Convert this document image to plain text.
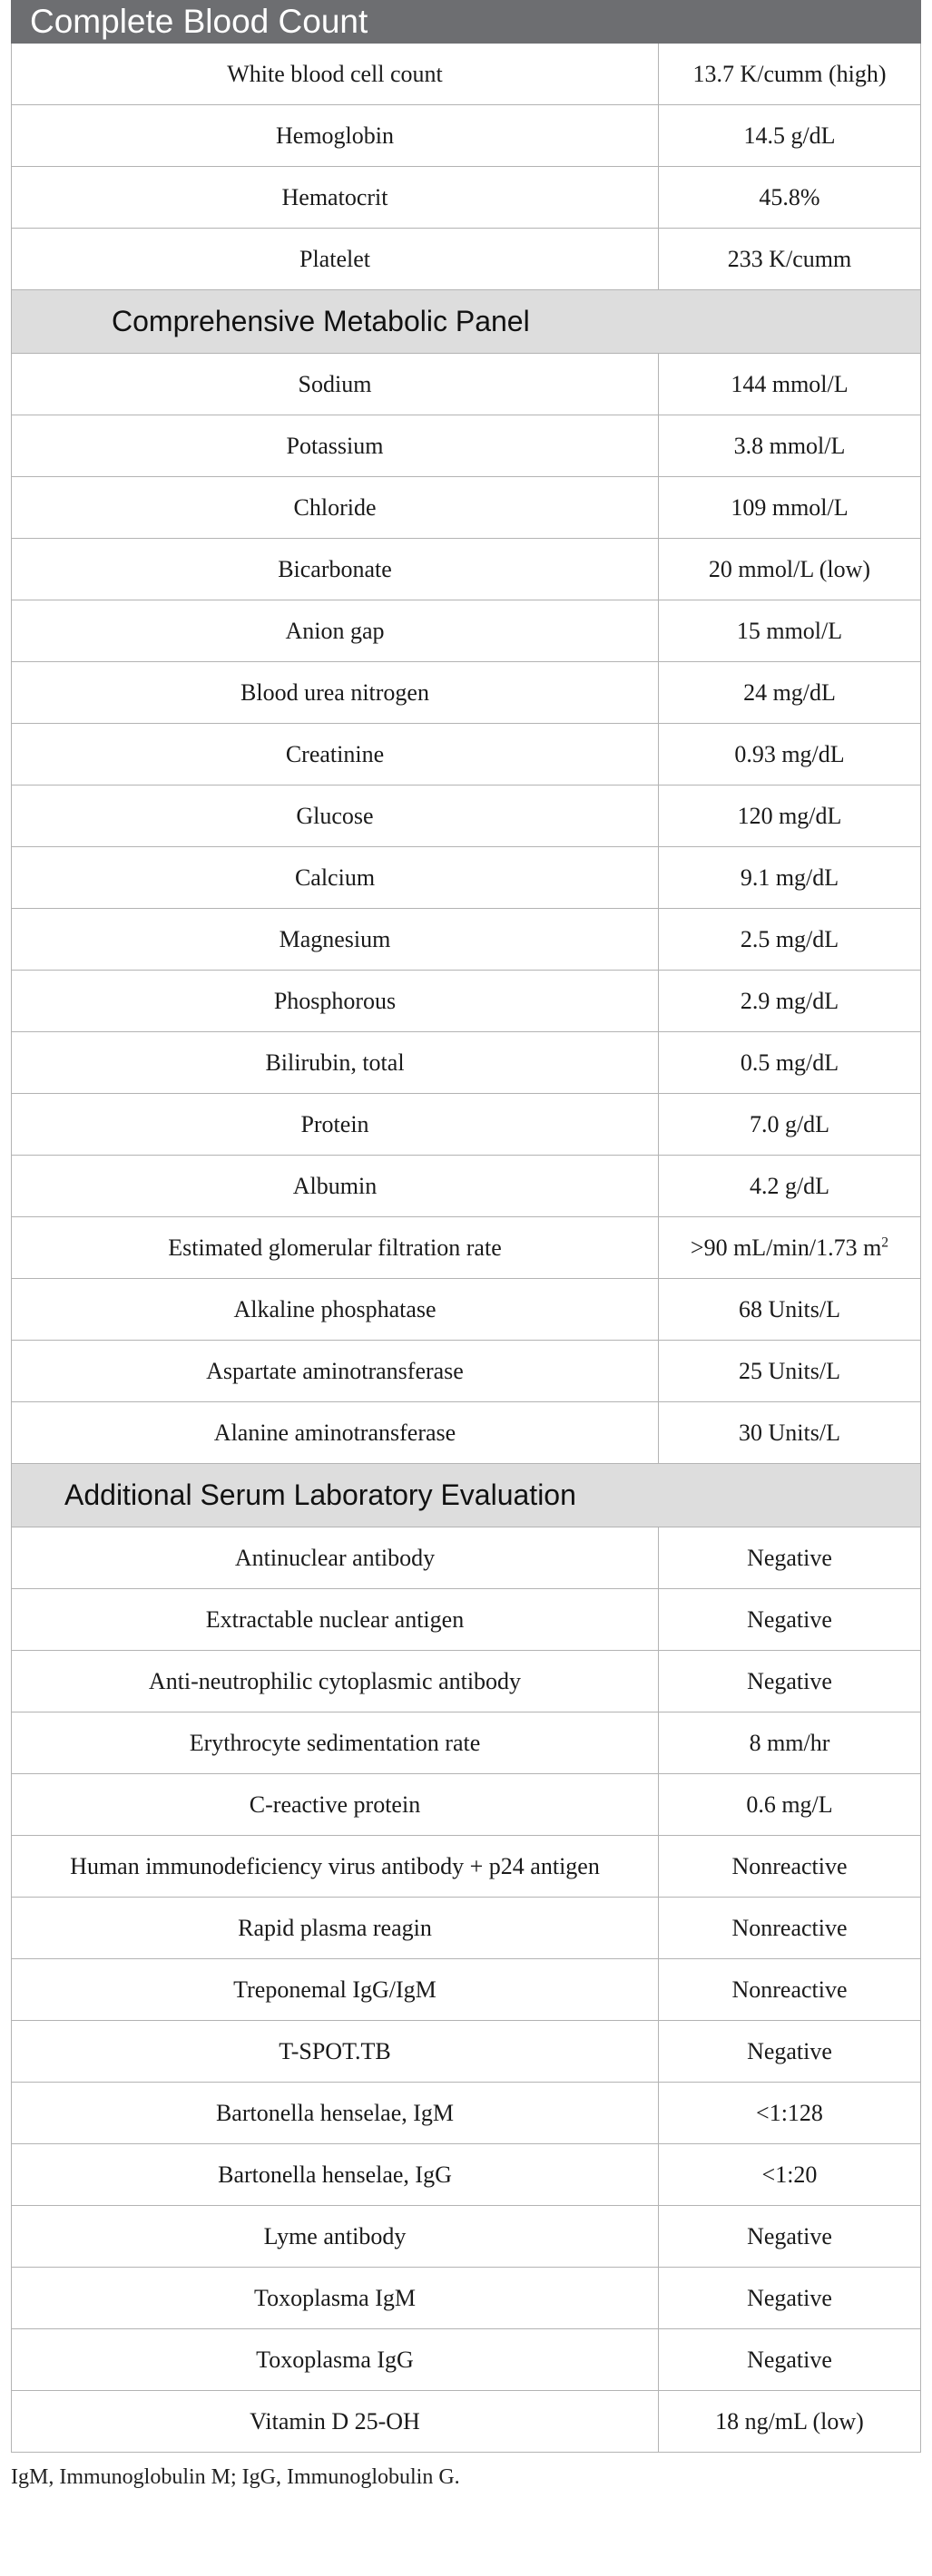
Complete Blood Count	
White blood cell count	13.7 K/cumm (high)
Hemoglobin	14.5 g/dL
Hematocrit	45.8%
Platelet	233 K/cumm
Comprehensive Metabolic Panel	
Sodium	144 mmol/L
Potassium	3.8 mmol/L
Chloride	109 mmol/L
Bicarbonate	20 mmol/L (low)
Anion gap	15 mmol/L
Blood urea nitrogen	24 mg/dL
Creatinine	0.93 mg/dL
Glucose	120 mg/dL
Calcium	9.1 mg/dL
Magnesium	2.5 mg/dL
Phosphorous	2.9 mg/dL
Bilirubin, total	0.5 mg/dL
Protein	7.0 g/dL
Albumin	4.2 g/dL
Estimated glomerular filtration rate	>90 mL/min/1.73 $m^2$
Alkaline phosphatase	68 Units/L
Aspartate aminotransferase	25 Units/L
Alanine aminotransferase	30 Units/L
Additional Serum Laboratory Evaluation	
Antinuclear antibody	Negative
Extractable nuclear antigen	Negative
Anti-neutrophilic cytoplasmic antibody	Negative
Erythrocyte sedimentation rate	8 mm/hr
C-reactive protein	0.6 mg/L
Human immunodeficiency virus antibody + p24 antigen	Nonreactive
Rapid plasma reagin	Nonreactive
Treponemal IgG/IgM	Nonreactive
T-SPOT.TB	Negative
Bartonella henselae, IgM	<1:128
Bartonella henselae, IgG	<1:20
Lyme antibody	Negative
Toxoplasma IgM	Negative
Toxoplasma IgG	Negative
Vitamin D 25-OH	18 ng/mL (low)
IgM, Immunoglobulin M; IgG, Immunoglobulin G.
